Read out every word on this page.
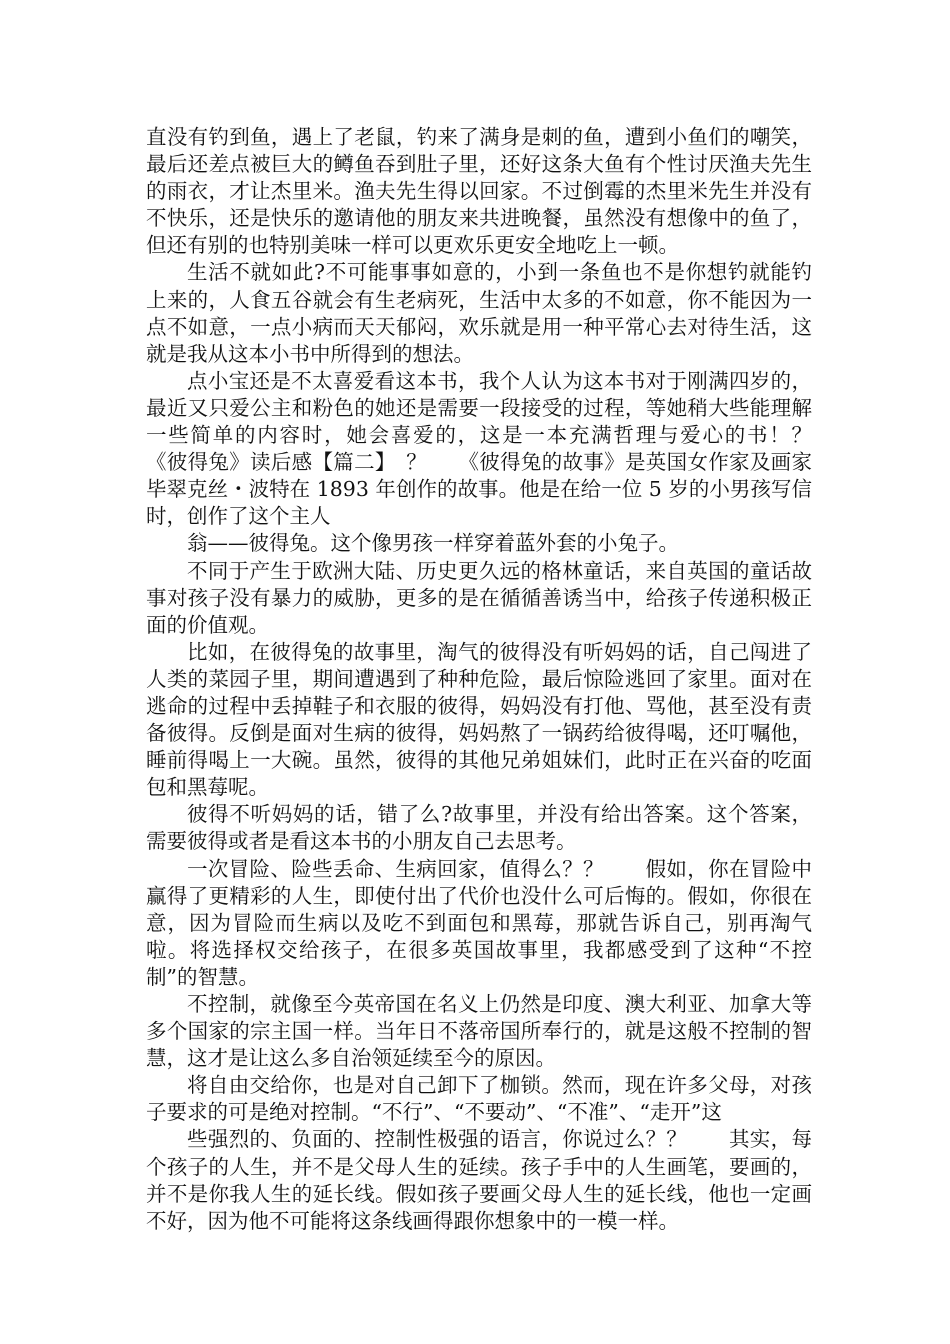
直没有钓到鱼，遇上了老鼠，钓来了满身是刺的鱼，遭到小鱼们的嘲笑，最后还差点被巨大的鳟鱼吞到肚子里，还好这条大鱼有个性讨厌渔夫先生的雨衣，才让杰里米。渔夫先生得以回家。不过倒霉的杰里米先生并没有不快乐，还是快乐的邀请他的朋友来共进晚餐，虽然没有想像中的鱼了，但还有别的也特别美味一样可以更欢乐更安全地吃上一顿。

生活不就如此?不可能事事如意的，小到一条鱼也不是你想钓就能钓上来的，人食五谷就会有生老病死，生活中太多的不如意，你不能因为一点不如意，一点小病而天天郁闷，欢乐就是用一种平常心去对待生活，这就是我从这本小书中所得到的想法。

点小宝还是不太喜爱看这本书，我个人认为这本书对于刚满四岁的，最近又只爱公主和粉色的她还是需要一段接受的过程，等她稍大些能理解一些简单的内容时，她会喜爱的，这是一本充满哲理与爱心的书！？　《彼得兔》读后感【篇二】　？　　《彼得兔的故事》是英国女作家及画家毕翠克丝・波特在 1893 年创作的故事。他是在给一位 5 岁的小男孩写信时，创作了这个主人

翁——彼得兔。这个像男孩一样穿着蓝外套的小兔子。

不同于产生于欧洲大陆、历史更久远的格林童话，来自英国的童话故事对孩子没有暴力的威胁，更多的是在循循善诱当中，给孩子传递积极正面的价值观。

比如，在彼得兔的故事里，淘气的彼得没有听妈妈的话，自己闯进了人类的菜园子里，期间遭遇到了种种危险，最后惊险逃回了家里。面对在逃命的过程中丢掉鞋子和衣服的彼得，妈妈没有打他、骂他，甚至没有责备彼得。反倒是面对生病的彼得，妈妈熬了一锅药给彼得喝，还叮嘱他，睡前得喝上一大碗。虽然，彼得的其他兄弟姐妹们，此时正在兴奋的吃面包和黑莓呢。

彼得不听妈妈的话，错了么?故事里，并没有给出答案。这个答案，需要彼得或者是看这本书的小朋友自己去思考。

一次冒险、险些丢命、生病回家，值得么？？　　假如，你在冒险中赢得了更精彩的人生，即使付出了代价也没什么可后悔的。假如，你很在意，因为冒险而生病以及吃不到面包和黑莓，那就告诉自己，别再淘气啦。将选择权交给孩子，在很多英国故事里，我都感受到了这种“不控制”的智慧。

不控制，就像至今英帝国在名义上仍然是印度、澳大利亚、加拿大等多个国家的宗主国一样。当年日不落帝国所奉行的，就是这般不控制的智慧，这才是让这么多自治领延续至今的原因。

将自由交给你，也是对自己卸下了枷锁。然而，现在许多父母，对孩子要求的可是绝对控制。“不行”、“不要动”、“不准”、“走开”这

些强烈的、负面的、控制性极强的语言，你说过么？？　　其实，每个孩子的人生，并不是父母人生的延续。孩子手中的人生画笔，要画的，并不是你我人生的延长线。假如孩子要画父母人生的延长线，他也一定画不好，因为他不可能将这条线画得跟你想象中的一模一样。
